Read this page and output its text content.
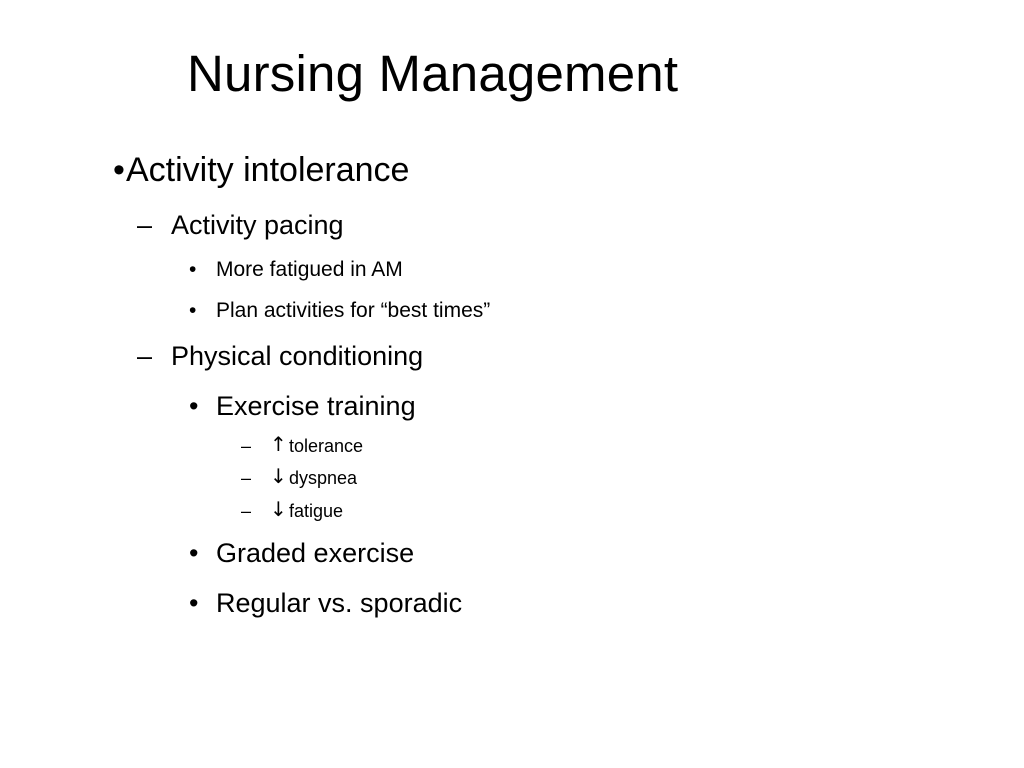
Nursing Management
• Activity intolerance
– Activity pacing
• More fatigued in AM
• Plan activities for “best times”
– Physical conditioning
• Exercise training
– ↑ tolerance
– ↓ dyspnea
– ↓ fatigue
• Graded exercise
• Regular vs. sporadic
